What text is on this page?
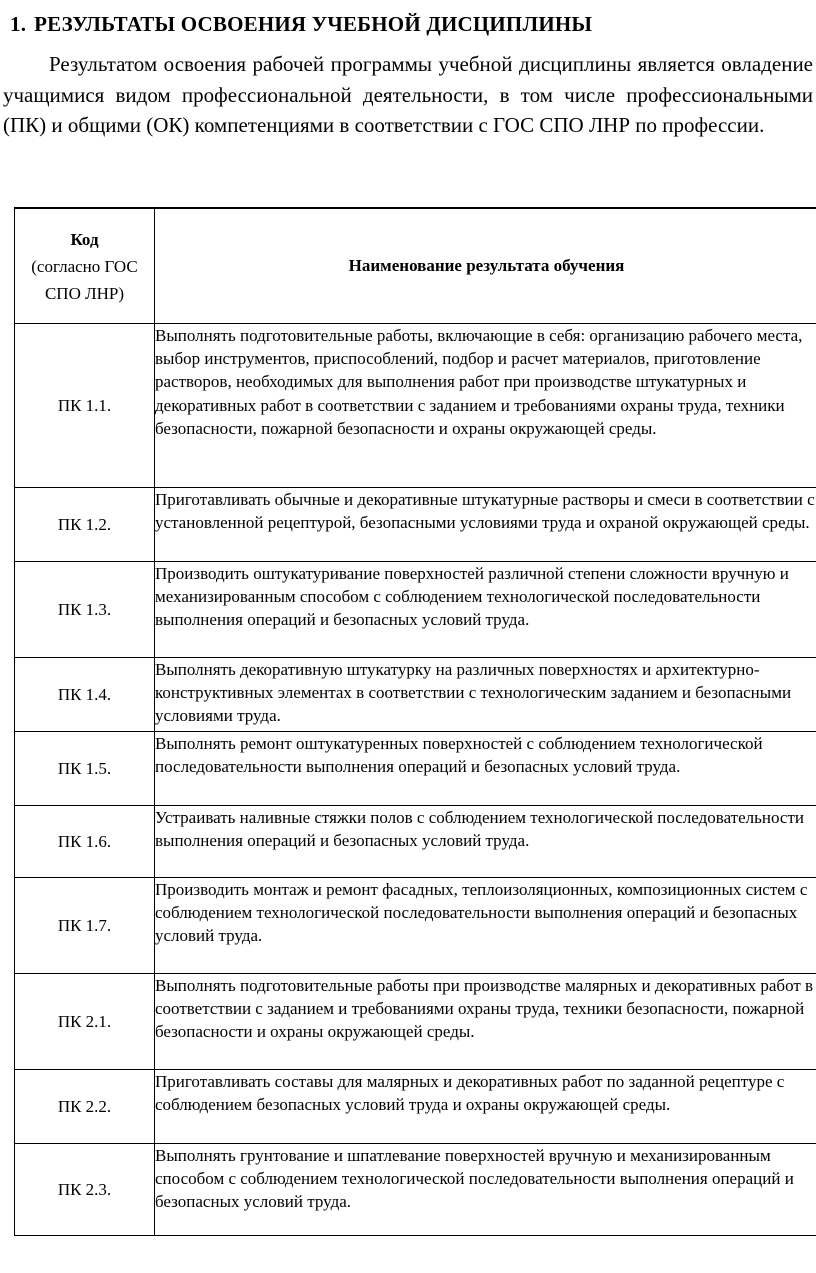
1. РЕЗУЛЬТАТЫ ОСВОЕНИЯ УЧЕБНОЙ ДИСЦИПЛИНЫ
Результатом освоения рабочей программы учебной дисциплины является овладение учащимися видом профессиональной деятельности, в том числе профессиональными (ПК) и общими (ОК) компетенциями в соответствии с ГОС СПО ЛНР по профессии.
Код
(согласно ГОС СПО ЛНР)	Наименование результата обучения
ПК 1.1.	Выполнять подготовительные работы, включающие в себя: организацию рабочего места, выбор инструментов, приспособлений, подбор и расчет материалов, приготовление растворов, необходимых для выполнения работ при производстве штукатурных и декоративных работ в соответствии с заданием и требованиями охраны труда, техники безопасности, пожарной безопасности и охраны окружающей среды.
ПК 1.2.	Приготавливать обычные и декоративные штукатурные растворы и смеси в соответствии с установленной рецептурой, безопасными условиями труда и охраной окружающей среды.
ПК 1.3.	Производить оштукатуривание поверхностей различной степени сложности вручную и механизированным способом с соблюдением технологической последовательности выполнения операций и безопасных условий труда.
ПК 1.4.	Выполнять декоративную штукатурку на различных поверхностях и архитектурно-конструктивных элементах в соответствии с технологическим заданием и безопасными условиями труда.
ПК 1.5.	Выполнять ремонт оштукатуренных поверхностей с соблюдением технологической последовательности выполнения операций и безопасных условий труда.
ПК 1.6.	Устраивать наливные стяжки полов с соблюдением технологической последовательности выполнения операций и безопасных условий труда.
ПК 1.7.	Производить монтаж и ремонт фасадных, теплоизоляционных, композиционных систем с соблюдением технологической последовательности выполнения операций и безопасных условий труда.
ПК 2.1.	Выполнять подготовительные работы при производстве малярных и декоративных работ в соответствии с заданием и требованиями охраны труда, техники безопасности, пожарной безопасности и охраны окружающей среды.
ПК 2.2.	Приготавливать составы для малярных и декоративных работ по заданной рецептуре с соблюдением безопасных условий труда и охраны окружающей среды.
ПК 2.3.	Выполнять грунтование и шпатлевание поверхностей вручную и механизированным способом с соблюдением технологической последовательности выполнения операций и безопасных условий труда.
